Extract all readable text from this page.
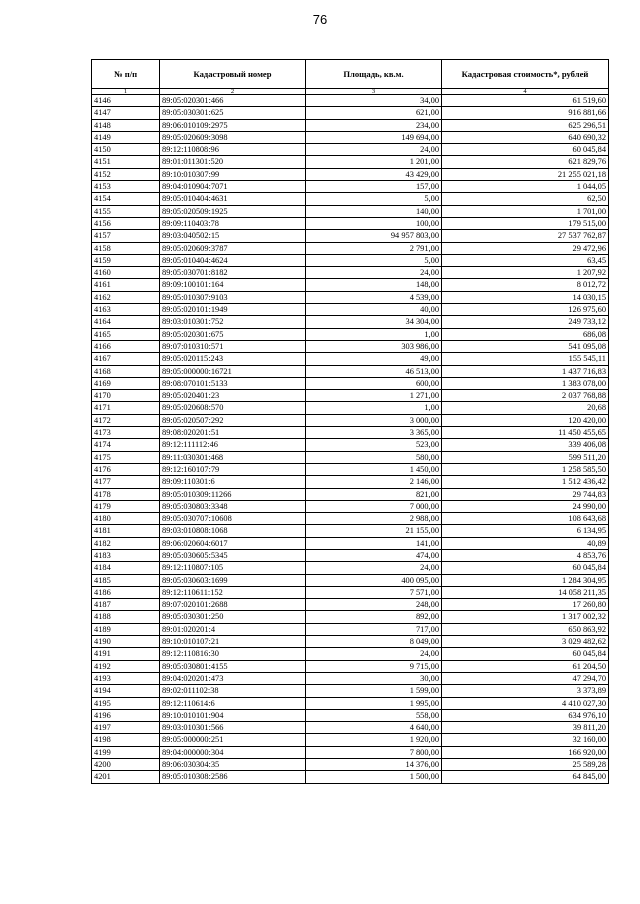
76
№ п/п	Кадастровый номер	Площадь, кв.м.	Кадастровая стоимость*, рублей
1	2	3	4
4146	89:05:020301:466	34,00	61 519,60
4147	89:05:030301:625	621,00	916 881,66
4148	89:06:010109:2975	234,00	625 296,51
4149	89:05:020609:3098	149 694,00	640 690,32
4150	89:12:110808:96	24,00	60 045,84
4151	89:01:011301:520	1 201,00	621 829,76
4152	89:10:010307:99	43 429,00	21 255 021,18
4153	89:04:010904:7071	157,00	1 044,05
4154	89:05:010404:4631	5,00	62,50
4155	89:05:020509:1925	140,00	1 701,00
4156	89:09:110403:78	100,00	179 515,00
4157	89:03:040502:15	94 957 803,00	27 537 762,87
4158	89:05:020609:3787	2 791,00	29 472,96
4159	89:05:010404:4624	5,00	63,45
4160	89:05:030701:8182	24,00	1 207,92
4161	89:09:100101:164	148,00	8 012,72
4162	89:05:010307:9103	4 539,00	14 030,15
4163	89:05:020101:1949	40,00	126 975,60
4164	89:03:010301:752	34 304,00	249 733,12
4165	89:05:020301:675	1,00	686,08
4166	89:07:010310:571	303 986,00	541 095,08
4167	89:05:020115:243	49,00	155 545,11
4168	89:05:000000:16721	46 513,00	1 437 716,83
4169	89:08:070101:5133	600,00	1 383 078,00
4170	89:05:020401:23	1 271,00	2 037 768,88
4171	89:05:020608:570	1,00	20,68
4172	89:05:020507:292	3 000,00	120 420,00
4173	89:08:020201:51	3 365,00	11 450 455,65
4174	89:12:111112:46	523,00	339 406,08
4175	89:11:030301:468	580,00	599 511,20
4176	89:12:160107:79	1 450,00	1 258 585,50
4177	89:09:110301:6	2 146,00	1 512 436,42
4178	89:05:010309:11266	821,00	29 744,83
4179	89:05:030803:3348	7 000,00	24 990,00
4180	89:05:030707:10608	2 988,00	108 643,68
4181	89:03:010808:1068	21 155,00	6 134,95
4182	89:06:020604:6017	141,00	40,89
4183	89:05:030605:5345	474,00	4 853,76
4184	89:12:110807:105	24,00	60 045,84
4185	89:05:030603:1699	400 095,00	1 284 304,95
4186	89:12:110611:152	7 571,00	14 058 211,35
4187	89:07:020101:2688	248,00	17 260,80
4188	89:05:030301:250	892,00	1 317 002,32
4189	89:01:020201:4	717,00	650 863,92
4190	89:10:010107:21	8 049,00	3 029 482,62
4191	89:12:110816:30	24,00	60 045,84
4192	89:05:030801:4155	9 715,00	61 204,50
4193	89:04:020201:473	30,00	47 294,70
4194	89:02:011102:38	1 599,00	3 373,89
4195	89:12:110614:6	1 995,00	4 410 027,30
4196	89:10:010101:904	558,00	634 976,10
4197	89:03:010301:566	4 640,00	39 811,20
4198	89:05:000000:251	1 920,00	32 160,00
4199	89:04:000000:304	7 800,00	166 920,00
4200	89:06:030304:35	14 376,00	25 589,28
4201	89:05:010308:2586	1 500,00	64 845,00
